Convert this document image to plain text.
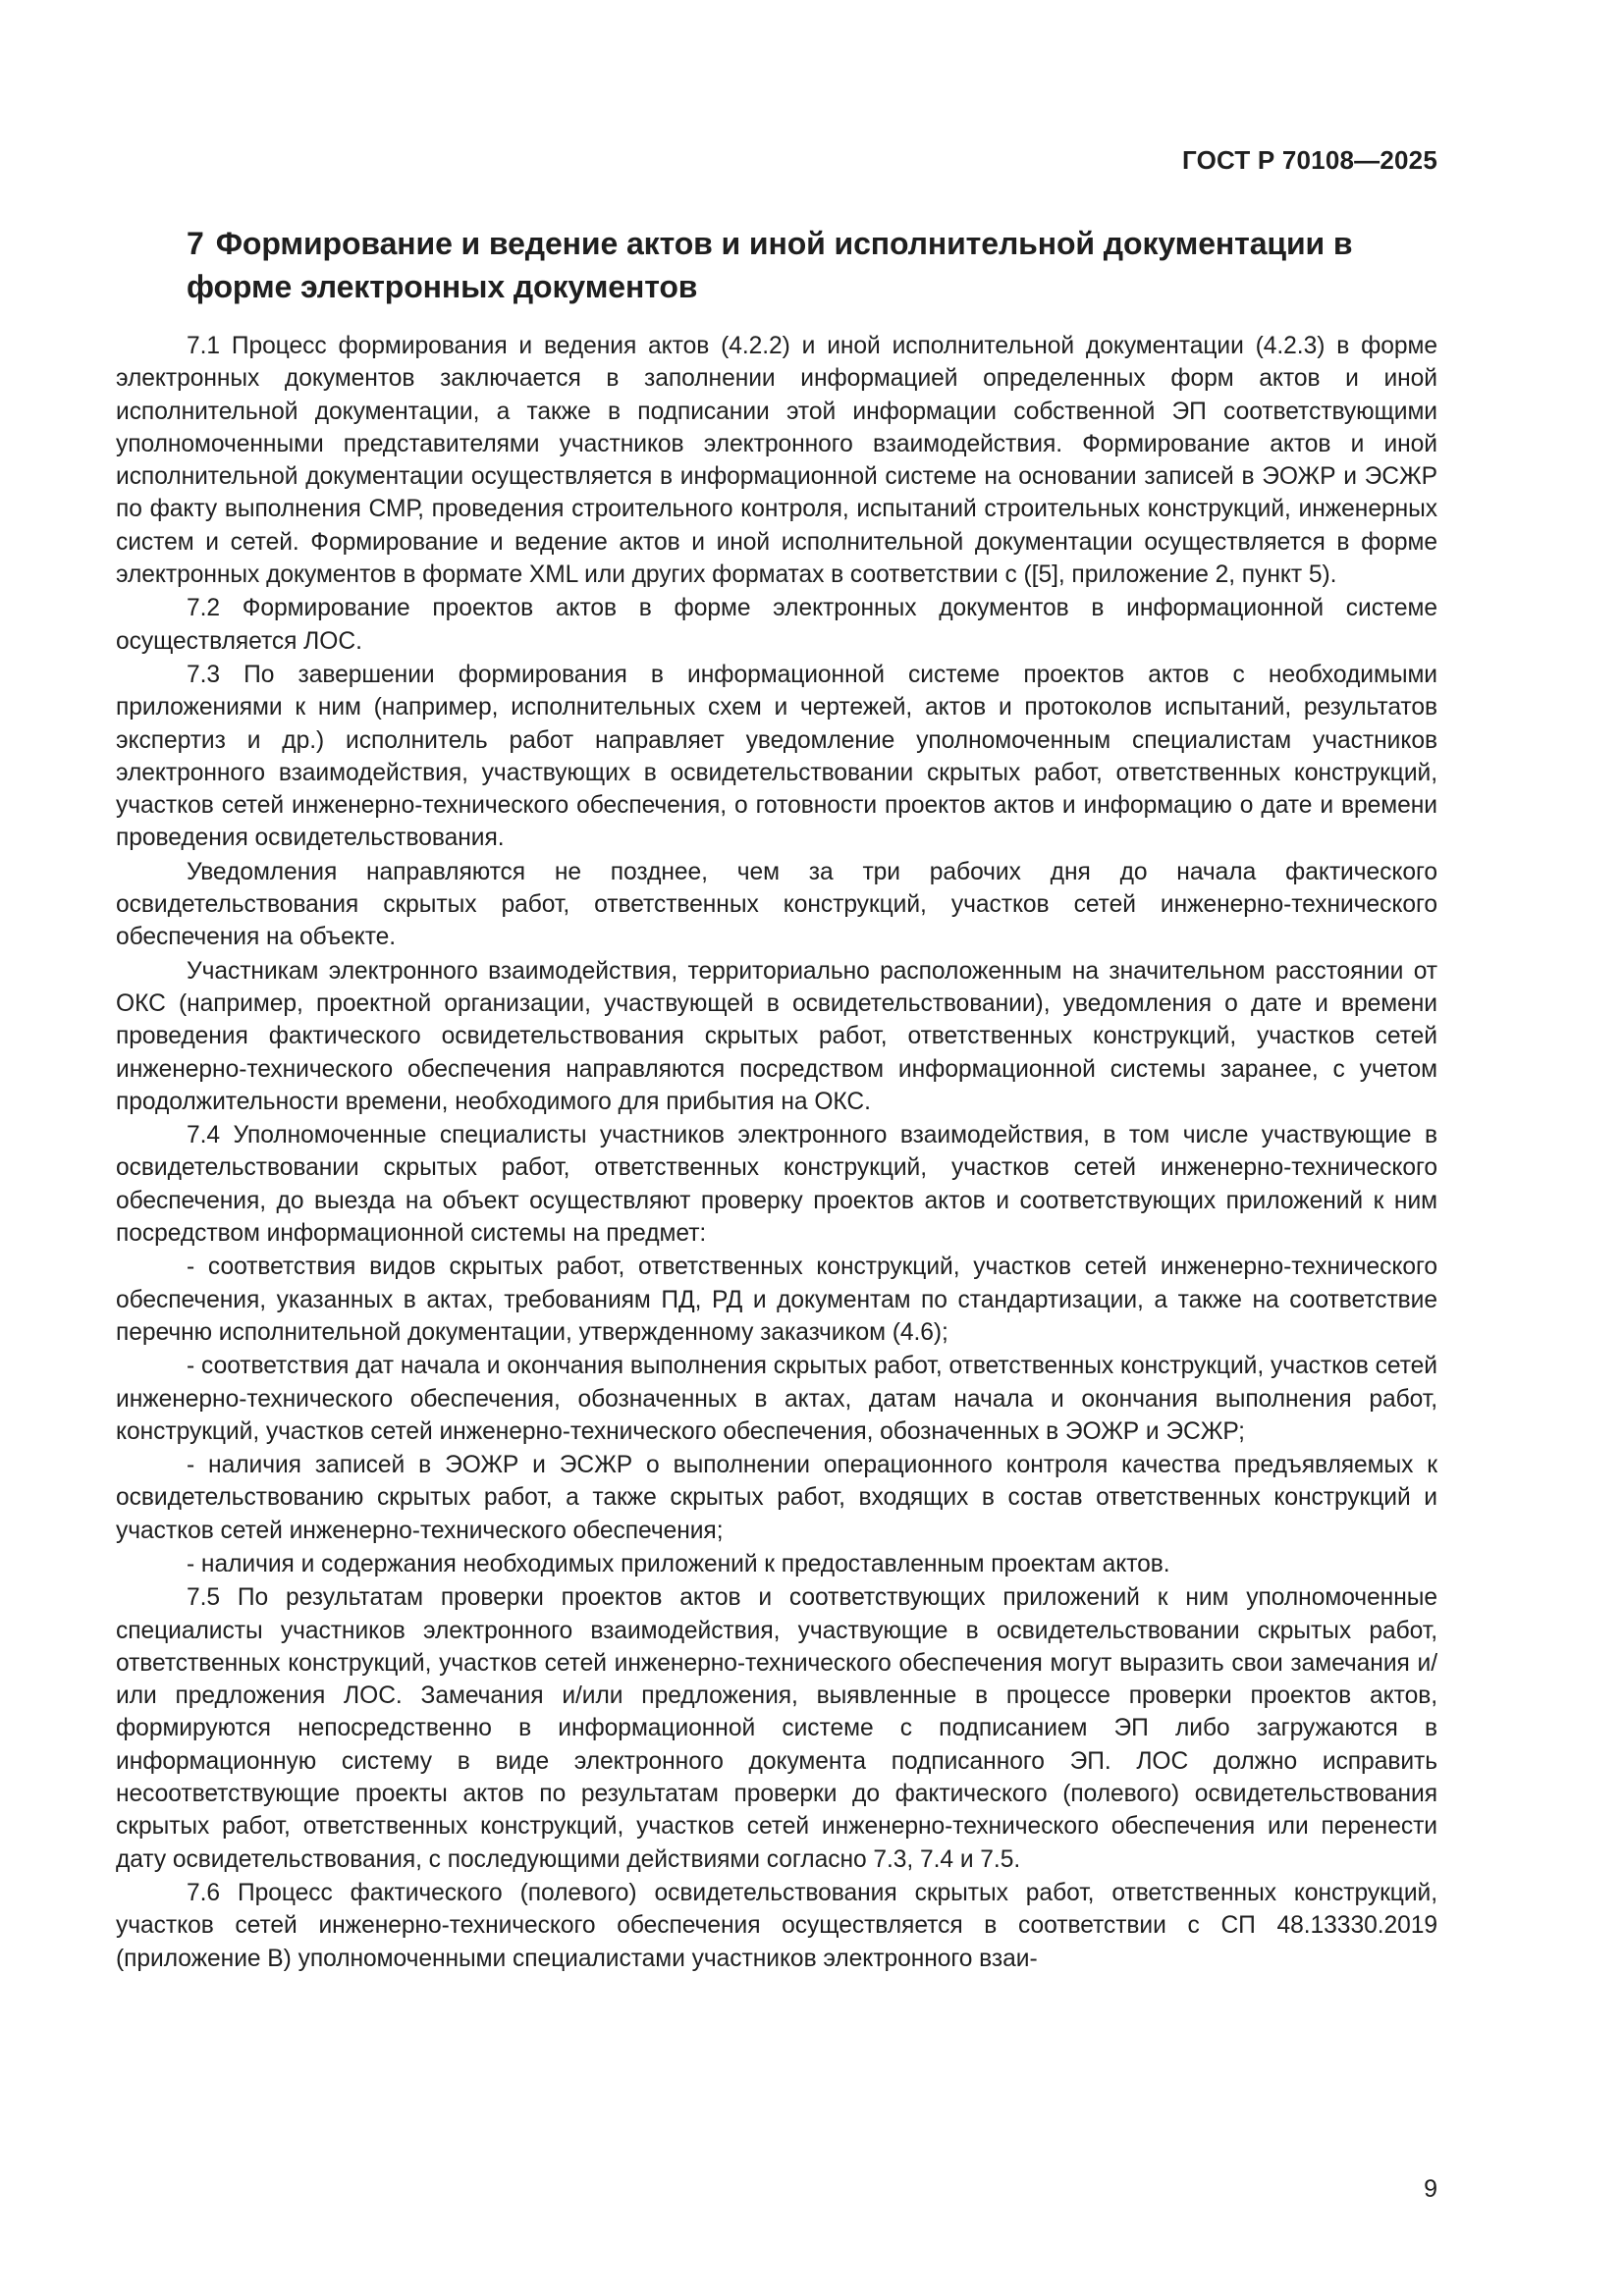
ГОСТ Р 70108—2025
7 Формирование и ведение актов и иной исполнительной документации в форме электронных документов

7.1 Процесс формирования и ведения актов (4.2.2) и иной исполнительной документации (4.2.3) в форме электронных документов заключается в заполнении информацией определенных форм актов и иной исполнительной документации, а также в подписании этой информации собственной ЭП соответствующими уполномоченными представителями участников электронного взаимодействия. Формирование актов и иной исполнительной документации осуществляется в информационной системе на основании записей в ЭОЖР и ЭСЖР по факту выполнения СМР, проведения строительного контроля, испытаний строительных конструкций, инженерных систем и сетей. Формирование и ведение актов и иной исполнительной документации осуществляется в форме электронных документов в формате XML или других форматах в соответствии с ([5], приложение 2, пункт 5).

7.2 Формирование проектов актов в форме электронных документов в информационной системе осуществляется ЛОС.

7.3 По завершении формирования в информационной системе проектов актов с необходимыми приложениями к ним (например, исполнительных схем и чертежей, актов и протоколов испытаний, результатов экспертиз и др.) исполнитель работ направляет уведомление уполномоченным специалистам участников электронного взаимодействия, участвующих в освидетельствовании скрытых работ, ответственных конструкций, участков сетей инженерно-технического обеспечения, о готовности проектов актов и информацию о дате и времени проведения освидетельствования.

Уведомления направляются не позднее, чем за три рабочих дня до начала фактического освидетельствования скрытых работ, ответственных конструкций, участков сетей инженерно-технического обеспечения на объекте.

Участникам электронного взаимодействия, территориально расположенным на значительном расстоянии от ОКС (например, проектной организации, участвующей в освидетельствовании), уведомления о дате и времени проведения фактического освидетельствования скрытых работ, ответственных конструкций, участков сетей инженерно-технического обеспечения направляются посредством информационной системы заранее, с учетом продолжительности времени, необходимого для прибытия на ОКС.

7.4 Уполномоченные специалисты участников электронного взаимодействия, в том числе участвующие в освидетельствовании скрытых работ, ответственных конструкций, участков сетей инженерно-технического обеспечения, до выезда на объект осуществляют проверку проектов актов и соответствующих приложений к ним посредством информационной системы на предмет:

- соответствия видов скрытых работ, ответственных конструкций, участков сетей инженерно-технического обеспечения, указанных в актах, требованиям ПД, РД и документам по стандартизации, а также на соответствие перечню исполнительной документации, утвержденному заказчиком (4.6);

- соответствия дат начала и окончания выполнения скрытых работ, ответственных конструкций, участков сетей инженерно-технического обеспечения, обозначенных в актах, датам начала и окончания выполнения работ, конструкций, участков сетей инженерно-технического обеспечения, обозначенных в ЭОЖР и ЭСЖР;

- наличия записей в ЭОЖР и ЭСЖР о выполнении операционного контроля качества предъявляемых к освидетельствованию скрытых работ, а также скрытых работ, входящих в состав ответственных конструкций и участков сетей инженерно-технического обеспечения;

- наличия и содержания необходимых приложений к предоставленным проектам актов.

7.5 По результатам проверки проектов актов и соответствующих приложений к ним уполномоченные специалисты участников электронного взаимодействия, участвующие в освидетельствовании скрытых работ, ответственных конструкций, участков сетей инженерно-технического обеспечения могут выразить свои замечания и/или предложения ЛОС. Замечания и/или предложения, выявленные в процессе проверки проектов актов, формируются непосредственно в информационной системе с подписанием ЭП либо загружаются в информационную систему в виде электронного документа подписанного ЭП. ЛОС должно исправить несоответствующие проекты актов по результатам проверки до фактического (полевого) освидетельствования скрытых работ, ответственных конструкций, участков сетей инженерно-технического обеспечения или перенести дату освидетельствования, с последующими действиями согласно 7.3, 7.4 и 7.5.

7.6 Процесс фактического (полевого) освидетельствования скрытых работ, ответственных конструкций, участков сетей инженерно-технического обеспечения осуществляется в соответствии с СП 48.13330.2019 (приложение В) уполномоченными специалистами участников электронного взаи-

9
